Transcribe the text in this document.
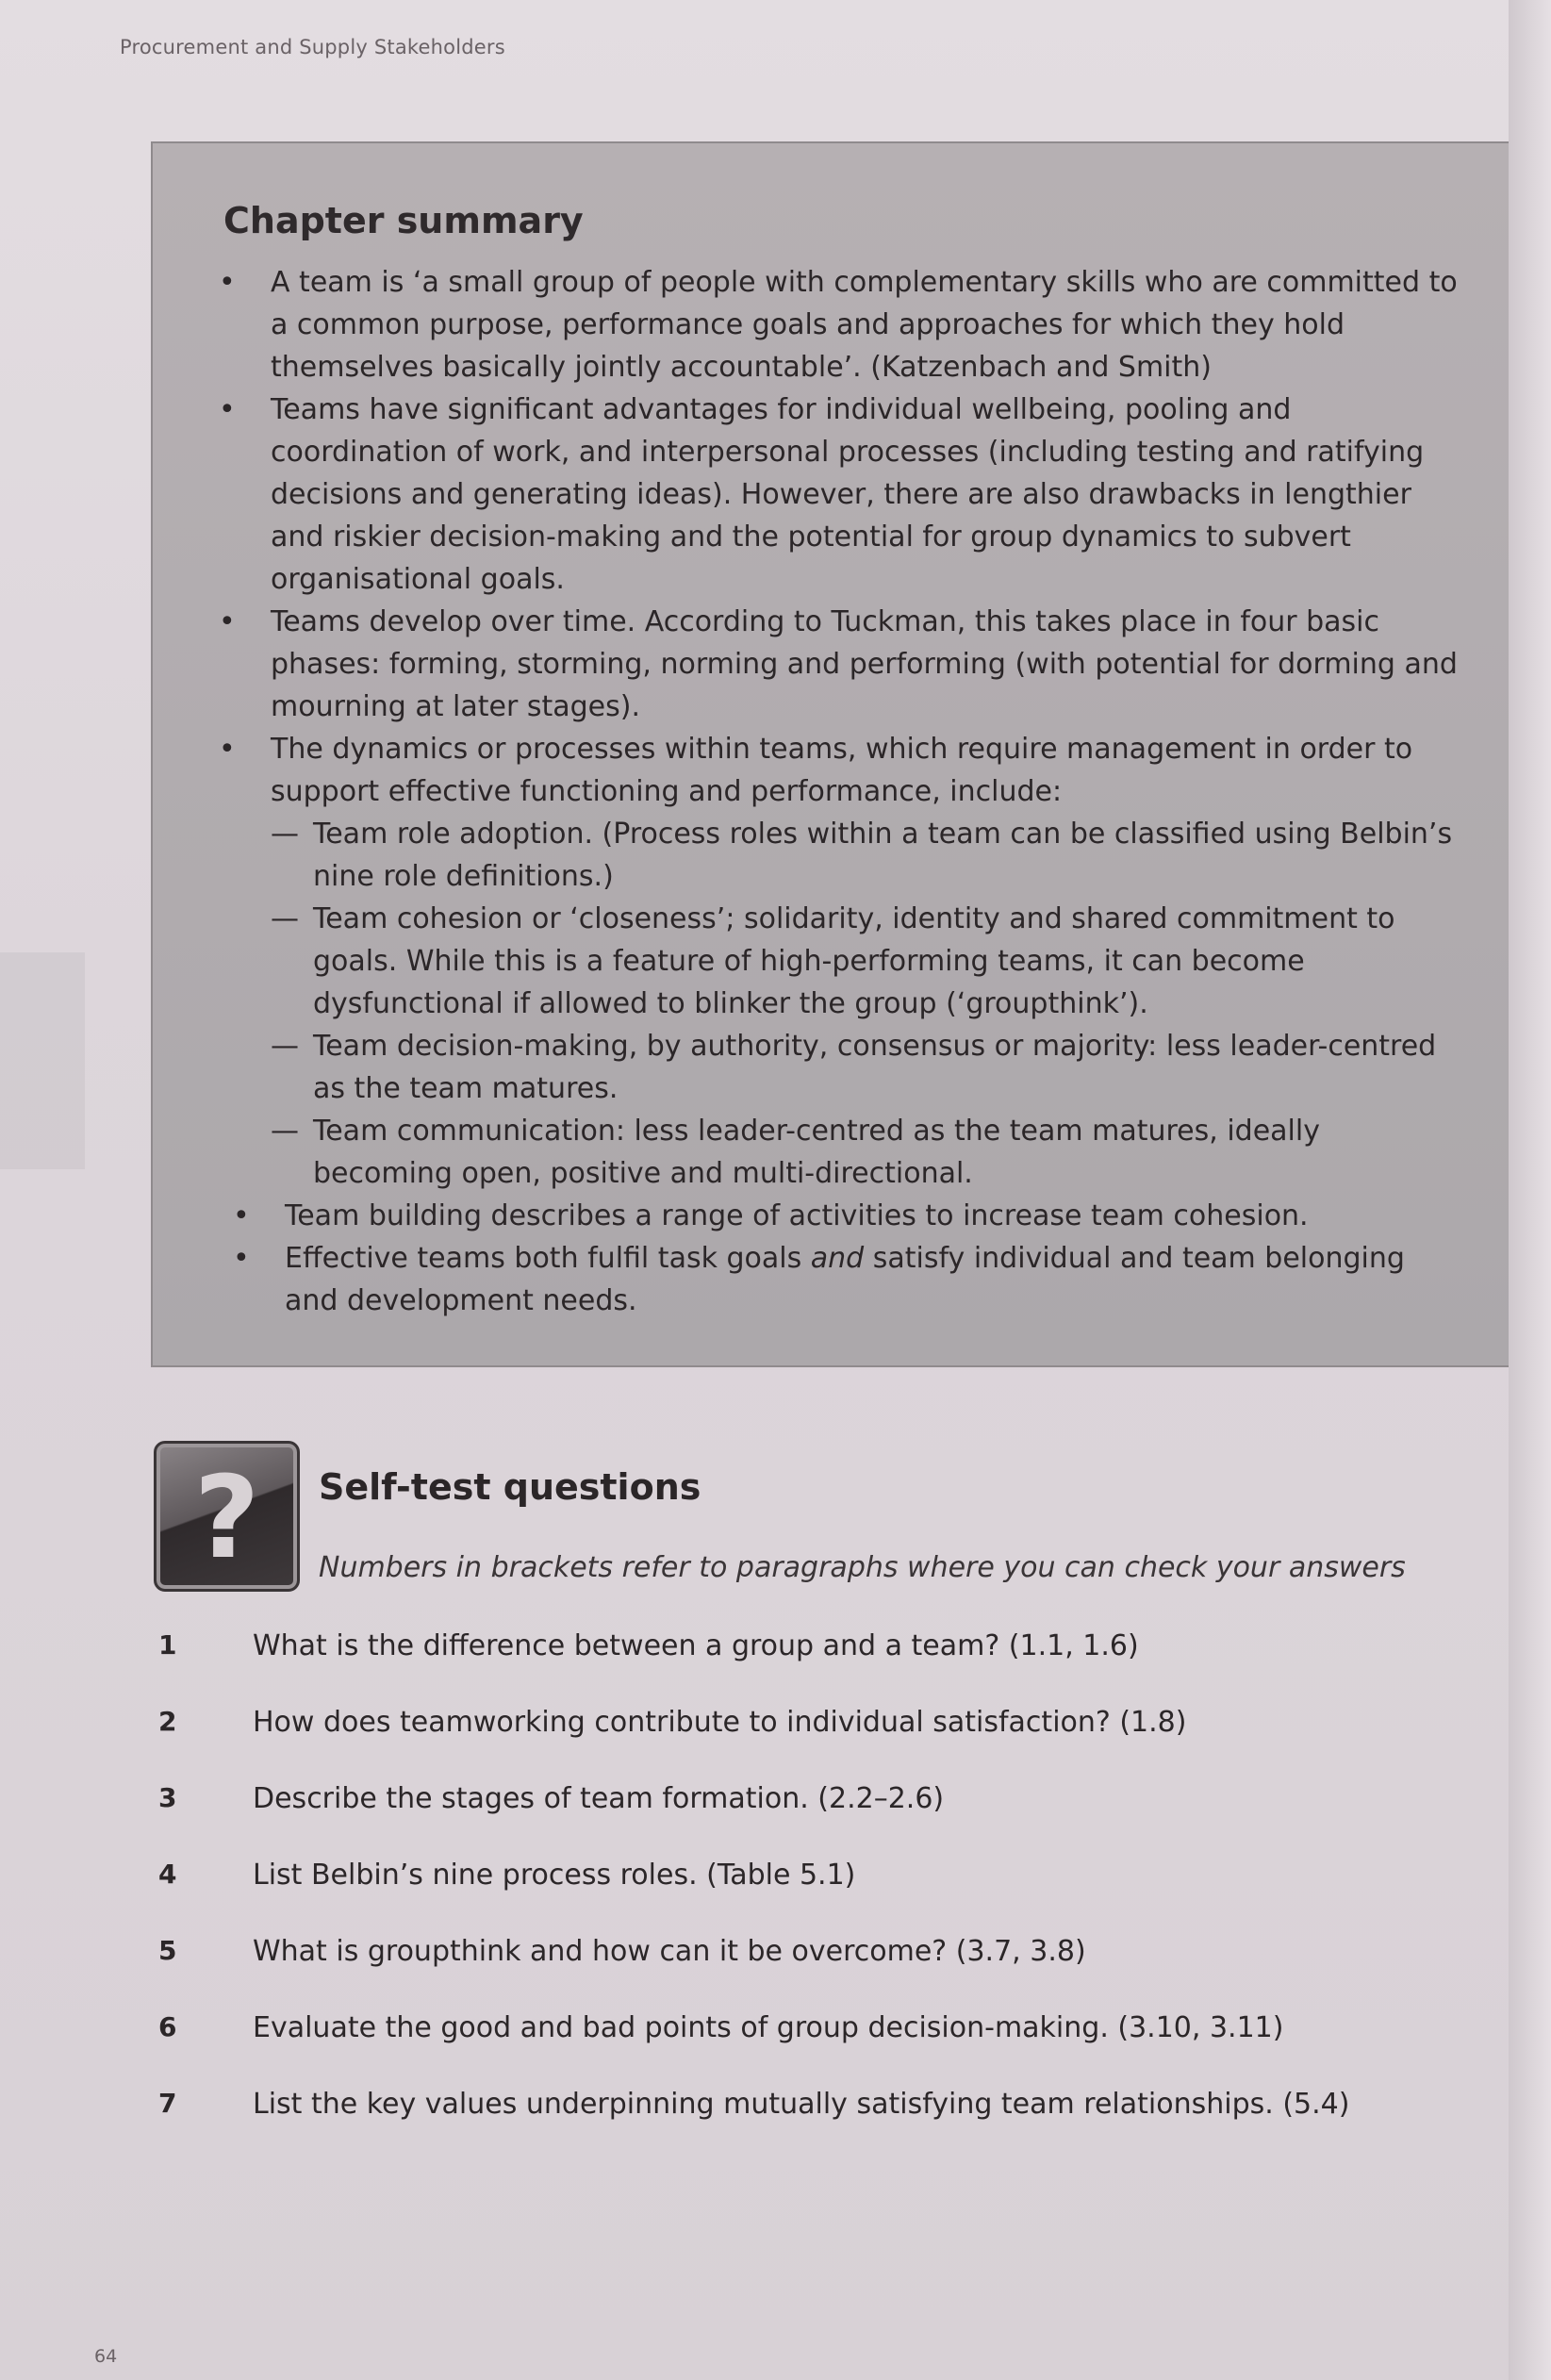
Procurement and Supply Stakeholders
Chapter summary
• A team is ‘a small group of people with complementary skills who are committed to a common purpose, performance goals and approaches for which they hold themselves basically jointly accountable’. (Katzenbach and Smith)
• Teams have significant advantages for individual wellbeing, pooling and coordination of work, and interpersonal processes (including testing and ratifying decisions and generating ideas). However, there are also drawbacks in lengthier and riskier decision-making and the potential for group dynamics to subvert organisational goals.
• Teams develop over time. According to Tuckman, this takes place in four basic phases: forming, storming, norming and performing (with potential for dorming and mourning at later stages).
• The dynamics or processes within teams, which require management in order to support effective functioning and performance, include:
— Team role adoption. (Process roles within a team can be classified using Belbin’s nine role definitions.)
— Team cohesion or ‘closeness’; solidarity, identity and shared commitment to goals. While this is a feature of high-performing teams, it can become dysfunctional if allowed to blinker the group (‘groupthink’).
— Team decision-making, by authority, consensus or majority: less leader-centred as the team matures.
— Team communication: less leader-centred as the team matures, ideally becoming open, positive and multi-directional.
• Team building describes a range of activities to increase team cohesion.
• Effective teams both fulfil task goals and satisfy individual and team belonging and development needs.
?	Self-test questions
Numbers in brackets refer to paragraphs where you can check your answers
1	What is the difference between a group and a team? (1.1, 1.6)
2	How does teamworking contribute to individual satisfaction? (1.8)
3	Describe the stages of team formation. (2.2–2.6)
4	List Belbin’s nine process roles. (Table 5.1)
5	What is groupthink and how can it be overcome? (3.7, 3.8)
6	Evaluate the good and bad points of group decision-making. (3.10, 3.11)
7	List the key values underpinning mutually satisfying team relationships. (5.4)
64
